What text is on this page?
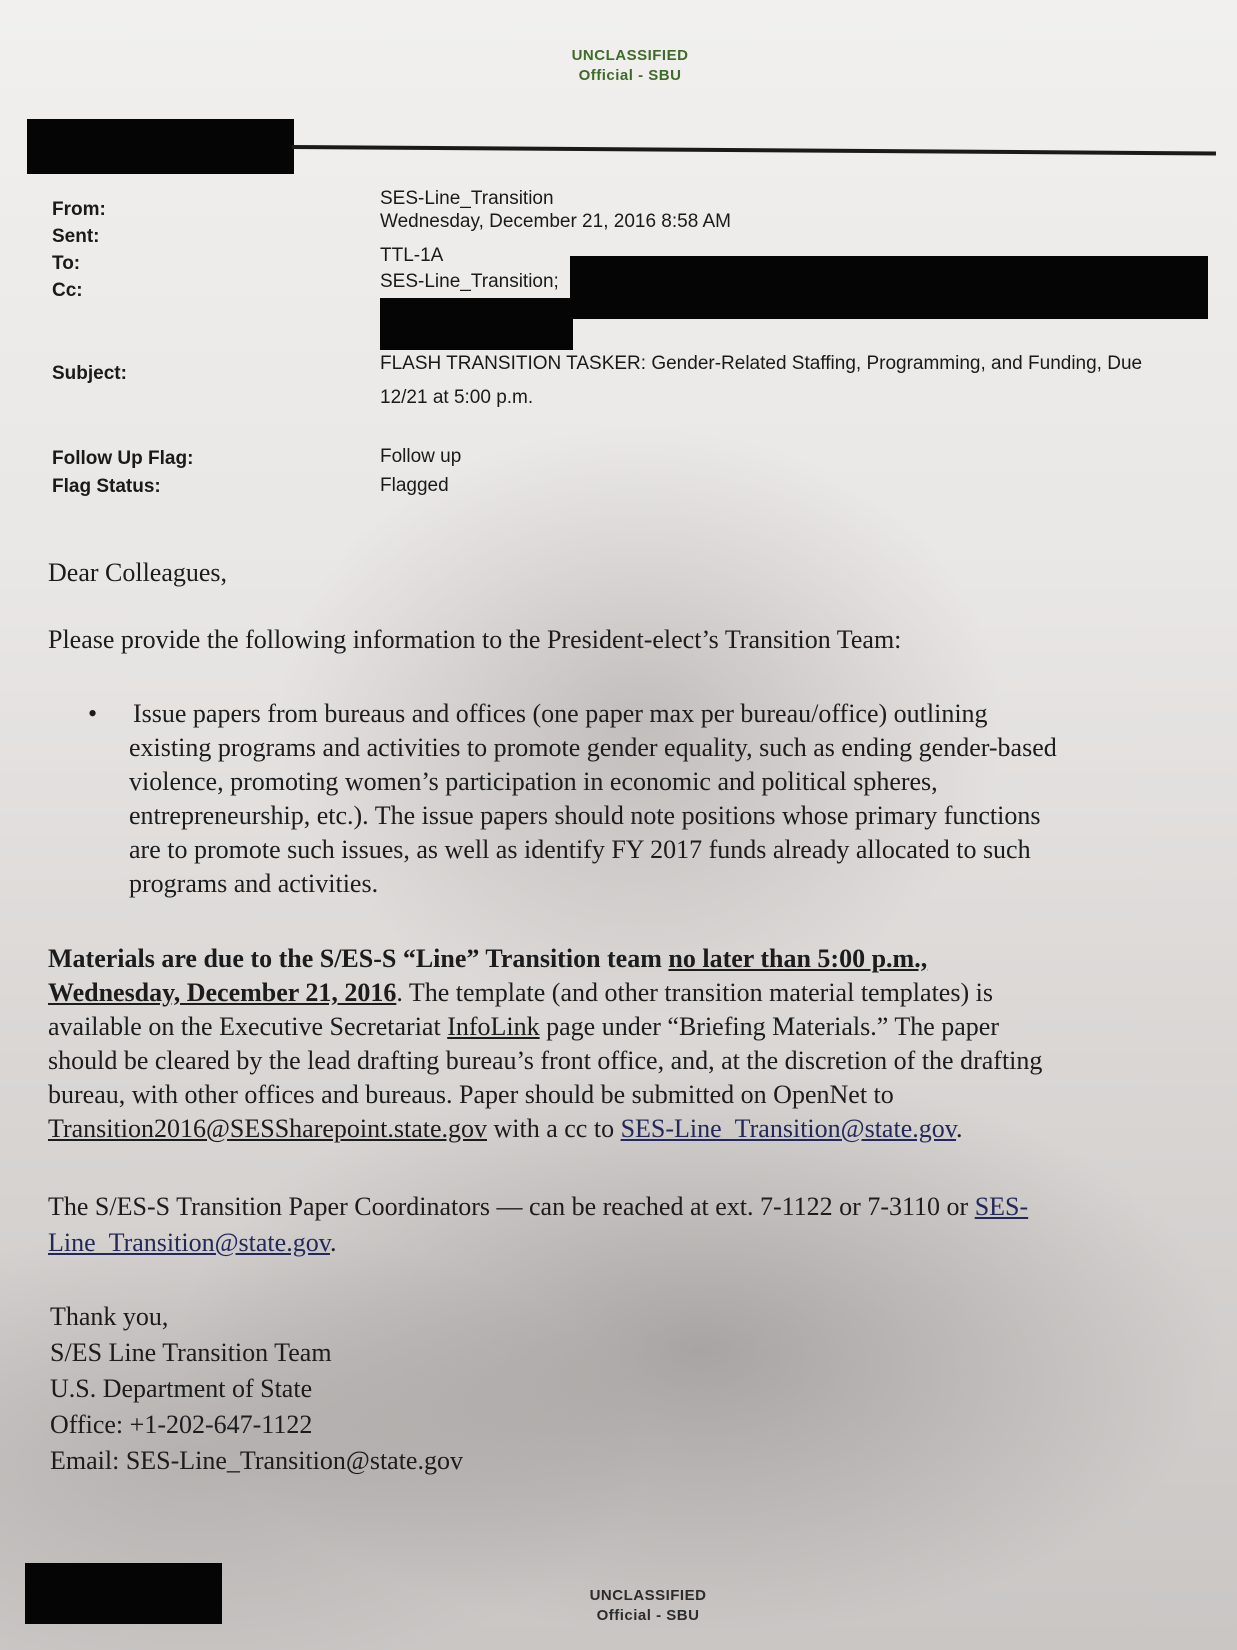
UNCLASSIFIED
Official - SBU
From:
SES-Line_Transition
Sent:
Wednesday, December 21, 2016 8:58 AM
To:	TTL-1A
Cc:	SES-Line_Transition;
Subject:	FLASH TRANSITION TASKER: Gender-Related Staffing, Programming, and Funding, Due
12/21 at 5:00 p.m.
Follow Up Flag:	Follow up
Flag Status:	Flagged
Dear Colleagues,
Please provide the following information to the President-elect’s Transition Team:
• Issue papers from bureaus and offices (one paper max per bureau/office) outlining
existing programs and activities to promote gender equality, such as ending gender-based
violence, promoting women’s participation in economic and political spheres,
entrepreneurship, etc.). The issue papers should note positions whose primary functions
are to promote such issues, as well as identify FY 2017 funds already allocated to such
programs and activities.
Materials are due to the S/ES-S “Line” Transition team no later than 5:00 p.m.,
Wednesday, December 21, 2016. The template (and other transition material templates) is
available on the Executive Secretariat InfoLink page under “Briefing Materials.” The paper
should be cleared by the lead drafting bureau’s front office, and, at the discretion of the drafting
bureau, with other offices and bureaus. Paper should be submitted on OpenNet to
Transition2016@SESSharepoint.state.gov with a cc to SES-Line_Transition@state.gov.
The S/ES-S Transition Paper Coordinators — can be reached at ext. 7-1122 or 7-3110 or SES-
Line_Transition@state.gov.
Thank you,
S/ES Line Transition Team
U.S. Department of State
Office: +1-202-647-1122
Email: SES-Line_Transition@state.gov
UNCLASSIFIED
Official - SBU
